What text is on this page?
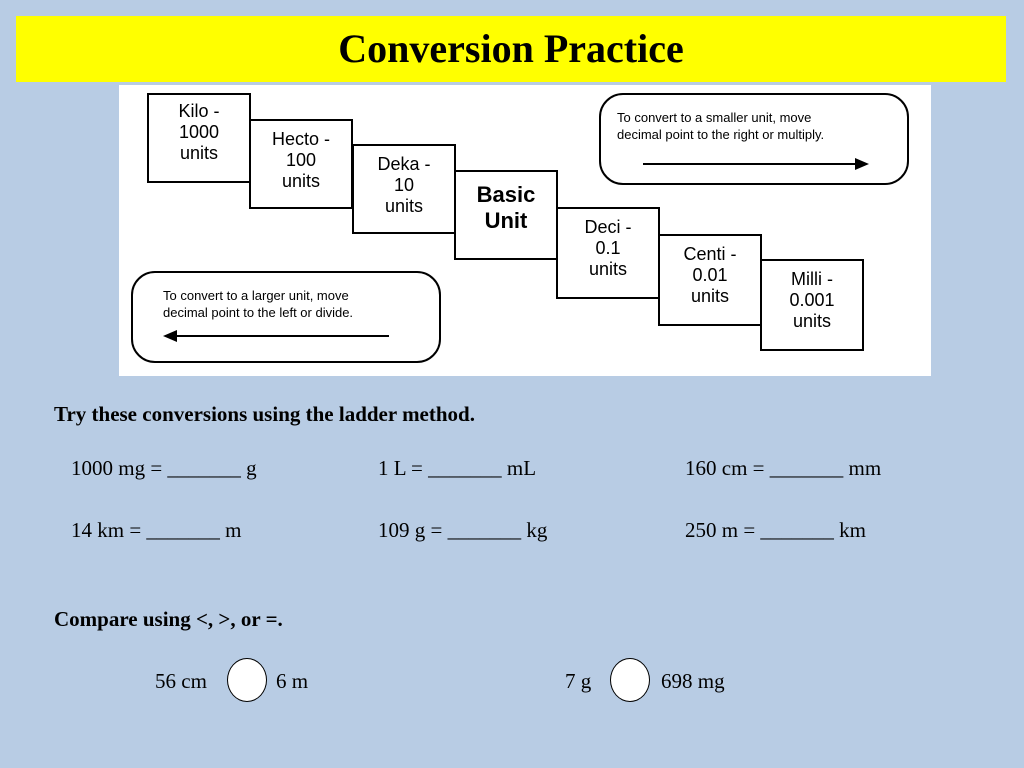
Conversion Practice
Kilo -
1000
units
Hecto -
100
units
Deka -
10
units	Basic
Unit	Deci -
0.1
units
Centi -
0.01
units
Milli -
0.001
units
To convert to a smaller unit, move
decimal point to the right or multiply.
To convert to a larger unit, move
decimal point to the left or divide.
Try these conversions using the ladder method.
1000 mg = _______ g	1 L = _______ mL	160 cm = _______ mm
14 km = _______ m	109 g = _______ kg	250 m = _______ km
Compare using <, >, or =.
56 cm	6 m	7 g	698 mg
